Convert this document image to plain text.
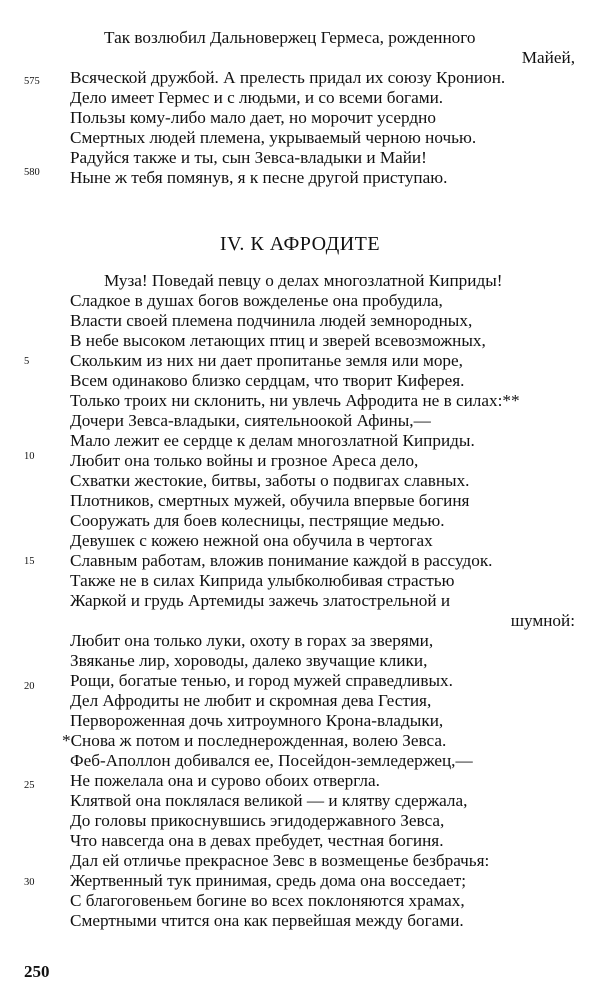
Так возлюбил Дальновержец Гермеса, рожденного
Майей,
575 Всяческой дружбой. А прелесть придал их союзу Кронион.
Дело имеет Гермес и с людьми, и со всеми богами.
Пользы кому-либо мало дает, но морочит усердно
Смертных людей племена, укрываемый черною ночью.
Радуйся также и ты, сын Зевса-владыки и Майи!
580 Ныне ж тебя помянув, я к песне другой приступаю.
IV. К АФРОДИТЕ
Муза! Поведай певцу о делах многозлатной Киприды!
Сладкое в душах богов вожделенье она пробудила,
Власти своей племена подчинила людей земнородных,
В небе высоком летающих птиц и зверей всевозможных,
5 Скольким из них ни дает пропитанье земля или море,
Всем одинаково близко сердцам, что творит Киферея.
Только троих ни склонить, ни увлечь Афродита не в силах:**
Дочери Зевса-владыки, сиятельноокой Афины,—
Мало лежит ее сердце к делам многозлатной Киприды.
10 Любит она только войны и грозное Ареса дело,
Схватки жестокие, битвы, заботы о подвигах славных.
Плотников, смертных мужей, обучила впервые богиня
Сооружать для боев колесницы, пестрящие медью.
Девушек с кожею нежной она обучила в чертогах
15 Славным работам, вложив понимание каждой в рассудок.
Также не в силах Киприда улыбколюбивая страстью
Жаркой и грудь Артемиды зажечь златострельной и
шумной:
Любит она только луки, охоту в горах за зверями,
Звяканье лир, хороводы, далеко звучащие клики,
20 Рощи, богатые тенью, и город мужей справедливых.
Дел Афродиты не любит и скромная дева Гестия,
Первороженная дочь хитроумного Крона-владыки,
*Снова ж потом и последнерожденная, волею Зевса.
Феб-Аполлон добивался ее, Посейдон-земледержец,—
25 Не пожелала она и сурово обоих отвергла.
Клятвой она поклялася великой — и клятву сдержала,
До головы прикоснувшись эгидодержавного Зевса,
Что навсегда она в девах пребудет, честная богиня.
Дал ей отличье прекрасное Зевс в возмещенье безбрачья:
30 Жертвенный тук принимая, средь дома она восседает;
С благоговеньем богине во всех поклоняются храмах,
Смертными чтится она как первейшая между богами.
250
